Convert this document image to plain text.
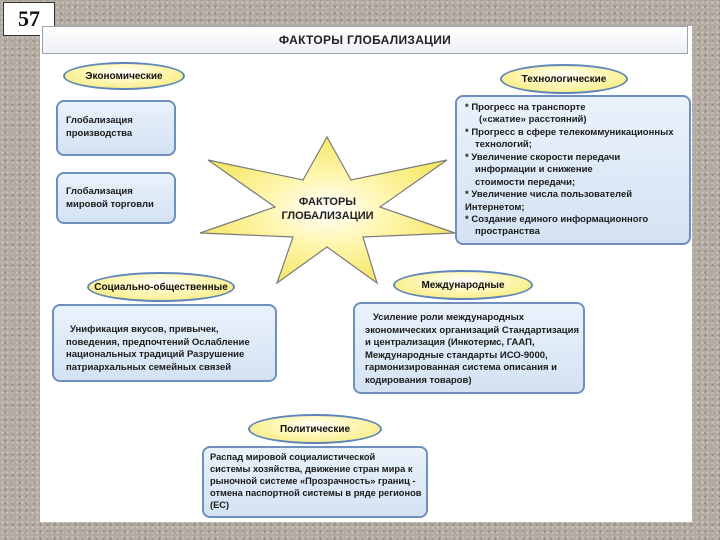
57
ФАКТОРЫ ГЛОБАЛИЗАЦИИ
Экономические
Глобализация
производства
Глобализация
мировой торговли
Технологические
* Прогресс на транспорте
(«сжатие» расстояний)
* Прогресс в сфере телекоммуникационных
технологий;
* Увеличение скорости передачи
информации и снижение
стоимости передачи;
* Увеличение числа пользователей
Интернетом;
* Создание единого информационного
пространства
ФАКТОРЫ
ГЛОБАЛИЗАЦИИ
Социально-общественные
Унификация вкусов, привычек,
поведения, предпочтений Ослабление
национальных традиций Разрушение
патриархальных семейных связей
Международные
Усиление роли международных
экономических организаций Стандартизация
и централизация (Инкотермс, ГААП,
Международные стандарты ИСО-9000,
гармонизированная система описания и
кодирования товаров)
Политические
Распад мировой социалистической
системы хозяйства, движение стран мира к
рыночной системе «Прозрачность» границ -
отмена паспортной системы в ряде регионов
(ЕС)
